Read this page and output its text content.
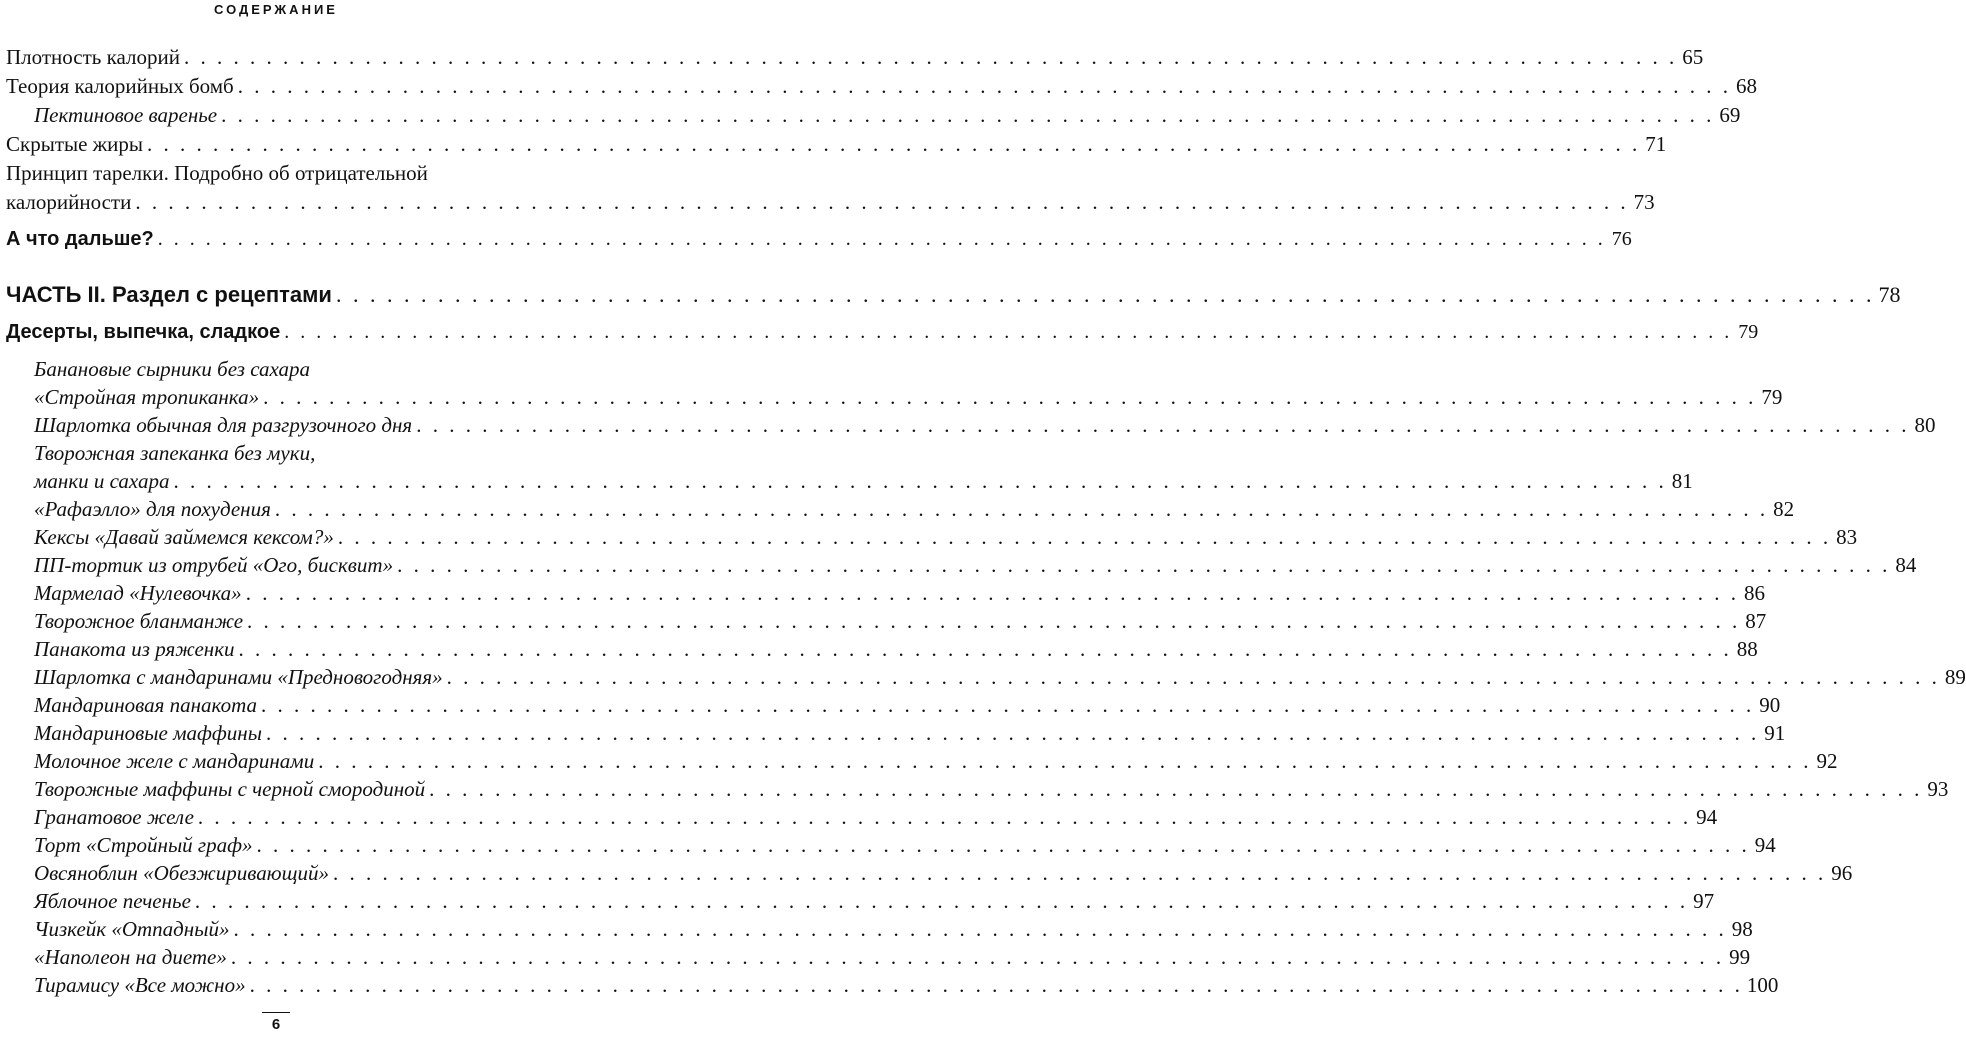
СОДЕРЖАНИЕ
Плотность калорий . . .	65
Теория калорийных бомб . . .	68
Пектиновое варенье . . .	69
Скрытые жиры . . .	71
Принцип тарелки. Подробно об отрицательной
калорийности . . .	73
А что дальше? . . .	76
ЧАСТЬ II. Раздел с рецептами . . .	78
Десерты, выпечка, сладкое . . .	79
Банановые сырники без сахара
«Стройная тропиканка» . . .	79
Шарлотка обычная для разгрузочного дня . . .	80
Творожная запеканка без муки,
манки и сахара . . .	81
«Рафаэлло» для похудения . . .	82
Кексы «Давай займемся кексом?» . . .	83
ПП-тортик из отрубей «Ого, бисквит» . . .	84
Мармелад «Нулевочка» . . .	86
Творожное бланманже . . .	87
Панакота из ряженки . . .	88
Шарлотка с мандаринами «Предновогодняя» . . .	89
Мандариновая панакота . . .	90
Мандариновые маффины . . .	91
Молочное желе с мандаринами . . .	92
Творожные маффины с черной смородиной . . .	93
Гранатовое желе . . .	94
Торт «Стройный граф» . . .	94
Овсяноблин «Обезжиривающий» . . .	96
Яблочное печенье . . .	97
Чизкейк «Отпадный» . . .	98
«Наполеон на диете» . . .	99
Тирамису «Все можно» . . .	100
6
